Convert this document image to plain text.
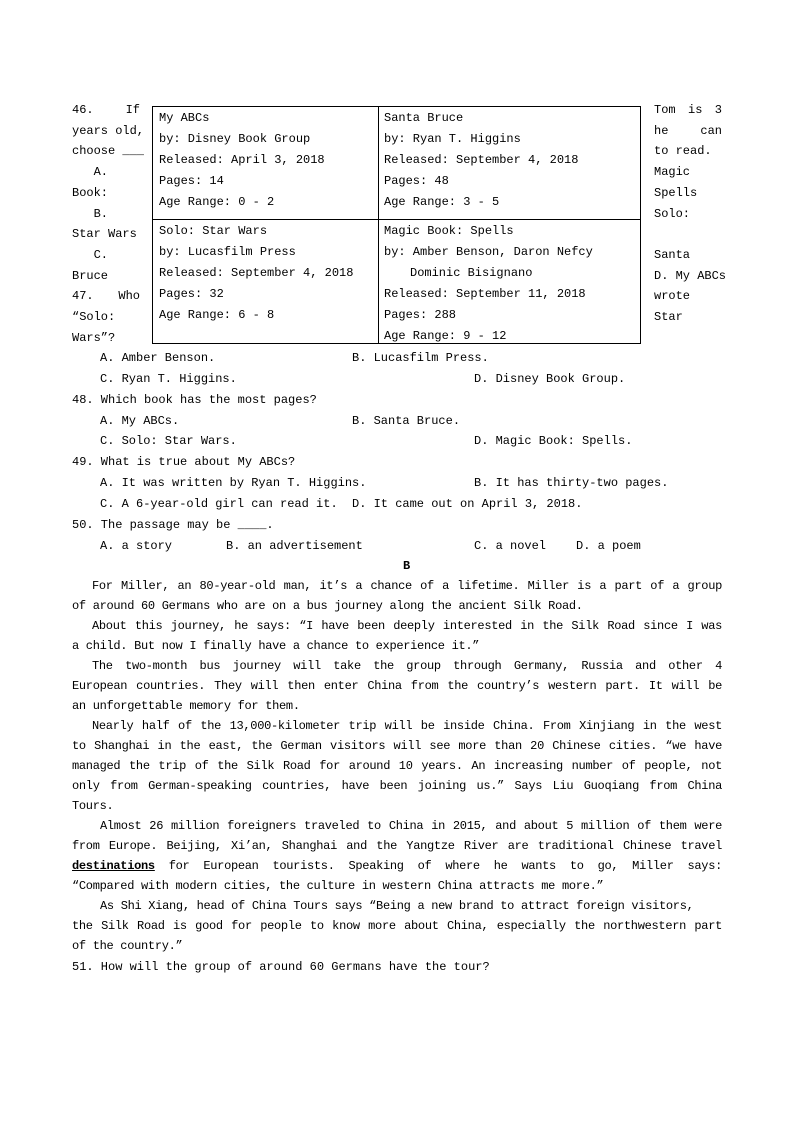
46. If
years old,
choose ___
A.
Book:
B.
Star Wars
C.
Bruce
47. Who
“Solo:
Wars”?
Tom is 3
he can
to read.
Magic
Spells
Solo:
Santa
wrote
Star
My ABCs
by: Disney Book Group
Released: April 3, 2018
Pages: 14
Age Range: 0 - 2
Santa Bruce
by: Ryan T. Higgins
Released: September 4, 2018
Pages: 48
Age Range: 3 - 5
Solo: Star Wars
by: Lucasfilm Press
Released: September 4, 2018
Pages: 32
Age Range: 6 - 8
Magic Book: Spells
by: Amber Benson, Daron Nefcy
Dominic Bisignano
Released: September 11, 2018
Pages: 288
Age Range: 9 - 12
D. My ABCs
A. Amber Benson.	B. Lucasfilm Press.
C. Ryan T. Higgins.	D. Disney Book Group.
48. Which book has the most pages?
A. My ABCs.	B. Santa Bruce.
C. Solo: Star Wars.	D. Magic Book: Spells.
49. What is true about My ABCs?
A. It was written by Ryan T. Higgins.	B. It has thirty-two pages.
C. A 6-year-old girl can read it. D. It came out on April 3, 2018.
50. The passage may be ____.
A. a story	B. an advertisement	C. a novel D. a poem
B
For Miller, an 80-year-old man, it’s a chance of a lifetime. Miller is a part of a group
of around 60 Germans who are on a bus journey along the ancient Silk Road.
About this journey, he says: “I have been deeply interested in the Silk Road since I was
a child. But now I finally have a chance to experience it.”
The two-month bus journey will take the group through Germany, Russia and other 4
European countries. They will then enter China from the country’s western part. It will be
an unforgettable memory for them.
Nearly half of the 13,000-kilometer trip will be inside China. From Xinjiang in the west
to Shanghai in the east, the German visitors will see more than 20 Chinese cities. “we have
managed the trip of the Silk Road for around 10 years. An increasing number of people, not
only from German-speaking countries, have been joining us.” Says Liu Guoqiang from China
Tours.
Almost 26 million foreigners traveled to China in 2015, and about 5 million of them were
from Europe. Beijing, Xi’an, Shanghai and the Yangtze River are traditional Chinese travel
destinations for European tourists. Speaking of where he wants to go, Miller says:
“Compared with modern cities, the culture in western China attracts me more.”
As Shi Xiang, head of China Tours says “Being a new brand to attract foreign visitors,
the Silk Road is good for people to know more about China, especially the northwestern part
of the country.”
51. How will the group of around 60 Germans have the tour?
